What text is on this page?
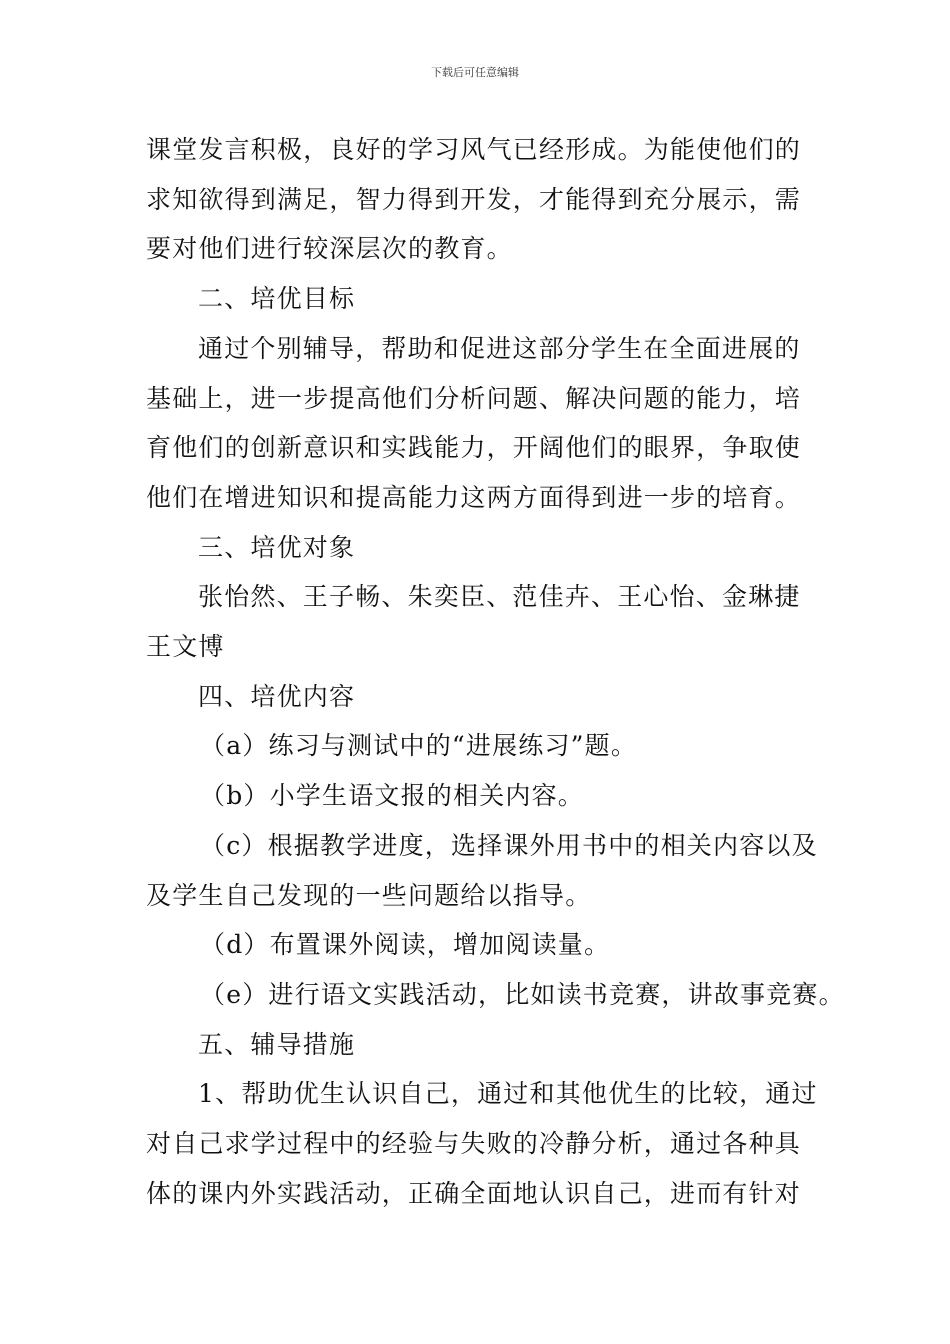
下载后可任意编辑

课堂发言积极，良好的学习风气已经形成。为能使他们的

求知欲得到满足，智力得到开发，才能得到充分展示，需

要对他们进行较深层次的教育。

二、培优目标

通过个别辅导，帮助和促进这部分学生在全面进展的

基础上，进一步提高他们分析问题、解决问题的能力，培

育他们的创新意识和实践能力，开阔他们的眼界，争取使

他们在增进知识和提高能力这两方面得到进一步的培育。

三、培优对象

张怡然、王子畅、朱奕臣、范佳卉、王心怡、金琳捷

王文博

四、培优内容

（a）练习与测试中的“进展练习”题。

（b）小学生语文报的相关内容。

（c）根据教学进度，选择课外用书中的相关内容以及

及学生自己发现的一些问题给以指导。

（d）布置课外阅读，增加阅读量。

（e）进行语文实践活动，比如读书竞赛，讲故事竞赛。

五、辅导措施

1、帮助优生认识自己，通过和其他优生的比较，通过

对自己求学过程中的经验与失败的冷静分析，通过各种具

体的课内外实践活动，正确全面地认识自己，进而有针对
